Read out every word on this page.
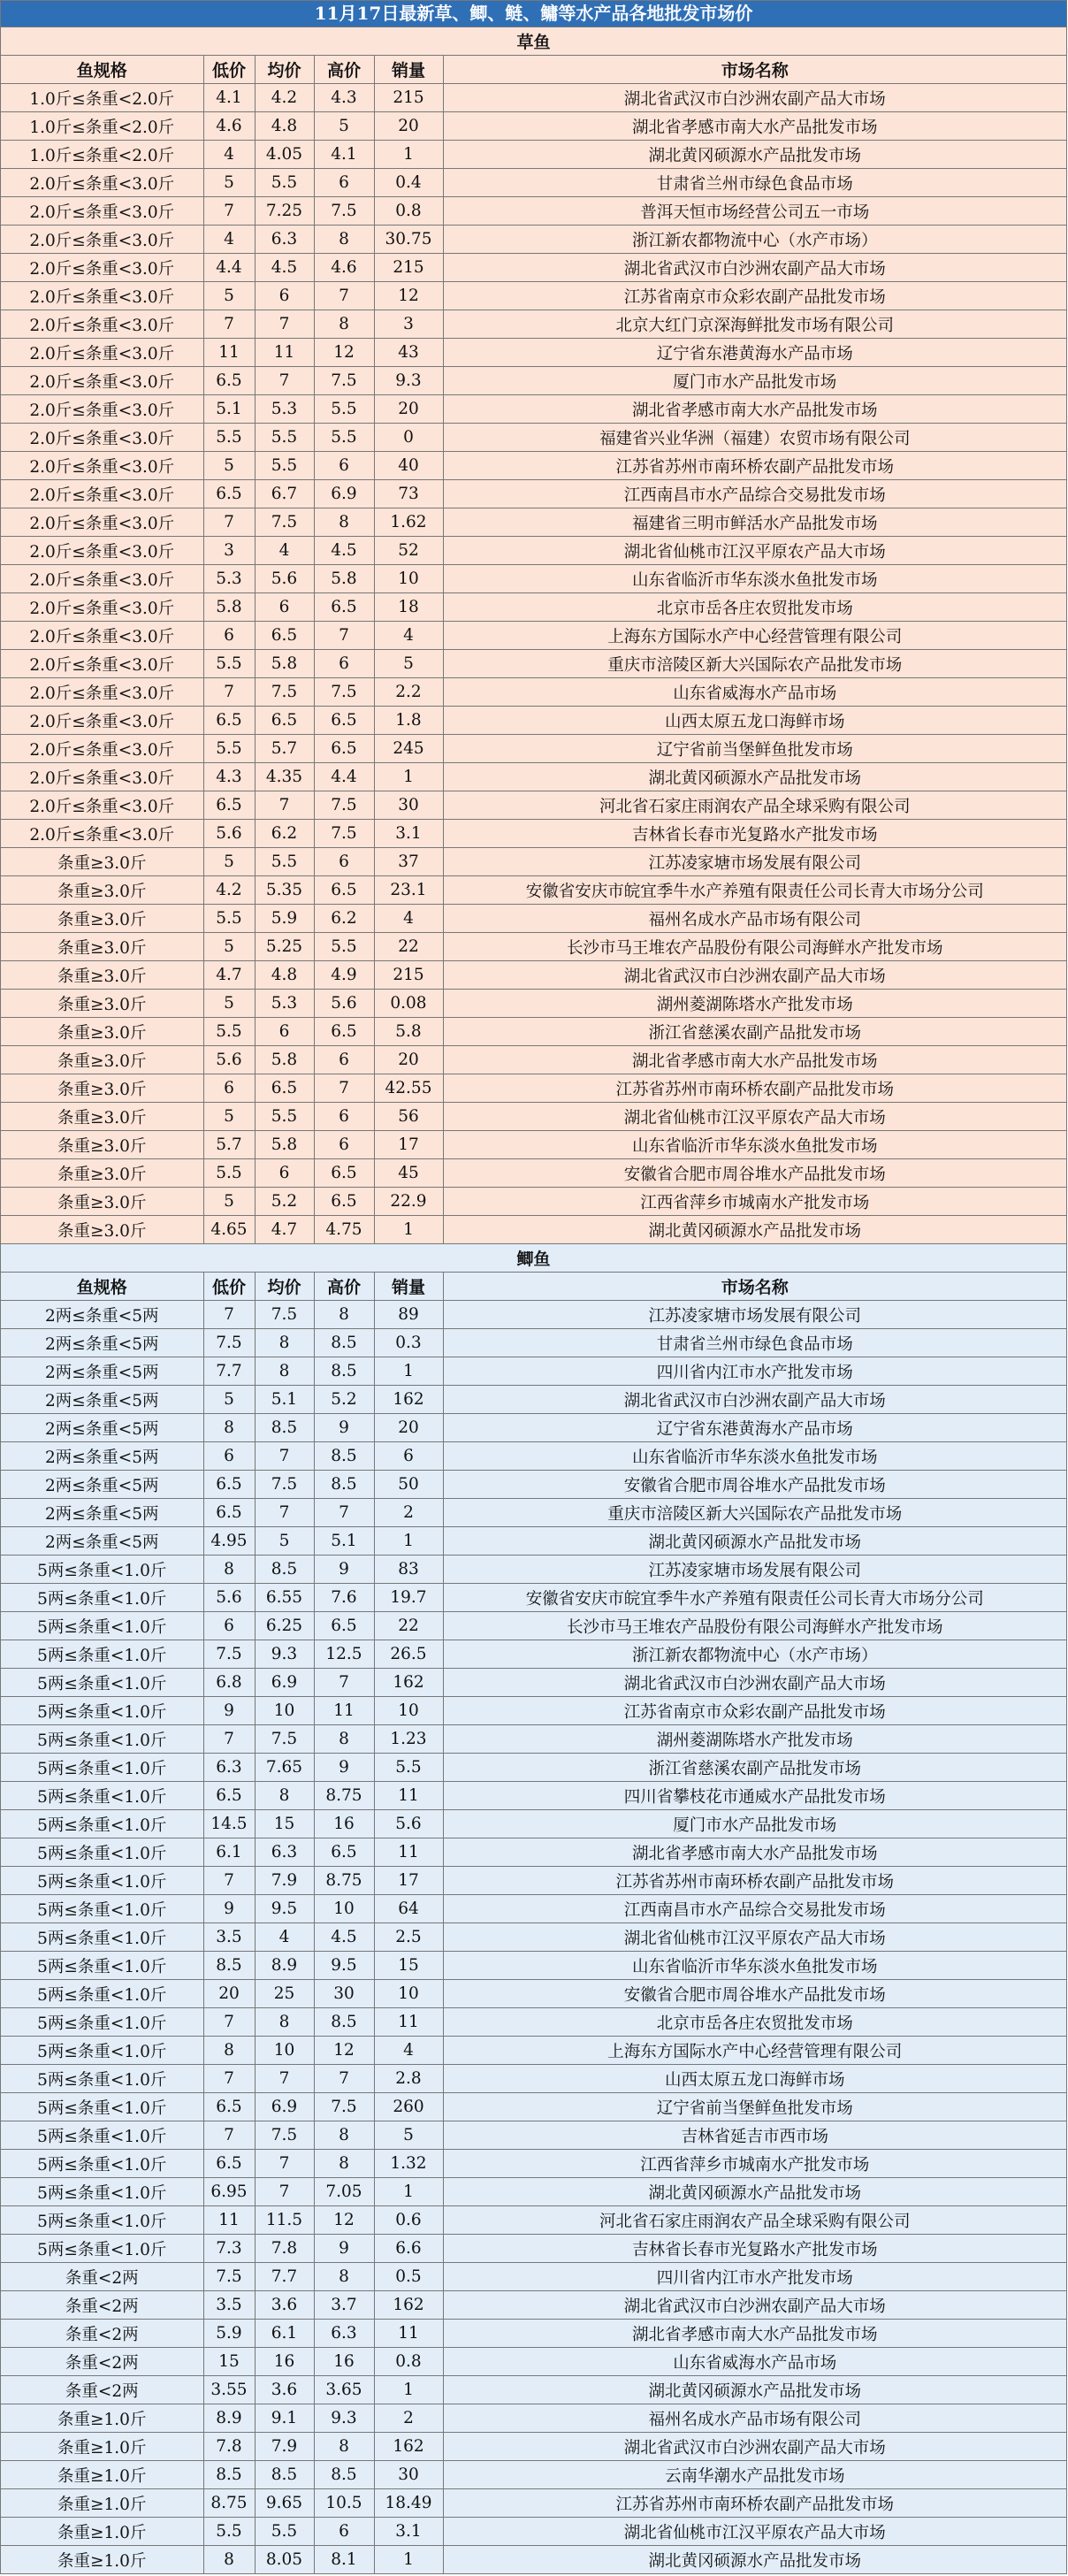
11月17日最新草、鲫、鲢、鳙等水产品各地批发市场价
草鱼					
鱼规格	低价	均价	高价	销量	市场名称
1.0斤≤条重<2.0斤	4.1	4.2	4.3	215	湖北省武汉市白沙洲农副产品大市场
1.0斤≤条重<2.0斤	4.6	4.8	5	20	湖北省孝感市南大水产品批发市场
1.0斤≤条重<2.0斤	4	4.05	4.1	1	湖北黄冈硕源水产品批发市场
2.0斤≤条重<3.0斤	5	5.5	6	0.4	甘肃省兰州市绿色食品市场
2.0斤≤条重<3.0斤	7	7.25	7.5	0.8	普洱天恒市场经营公司五一市场
2.0斤≤条重<3.0斤	4	6.3	8	30.75	浙江新农都物流中心（水产市场）
2.0斤≤条重<3.0斤	4.4	4.5	4.6	215	湖北省武汉市白沙洲农副产品大市场
2.0斤≤条重<3.0斤	5	6	7	12	江苏省南京市众彩农副产品批发市场
2.0斤≤条重<3.0斤	7	7	8	3	北京大红门京深海鲜批发市场有限公司
2.0斤≤条重<3.0斤	11	11	12	43	辽宁省东港黄海水产品市场
2.0斤≤条重<3.0斤	6.5	7	7.5	9.3	厦门市水产品批发市场
2.0斤≤条重<3.0斤	5.1	5.3	5.5	20	湖北省孝感市南大水产品批发市场
2.0斤≤条重<3.0斤	5.5	5.5	5.5	0	福建省兴业华洲（福建）农贸市场有限公司
2.0斤≤条重<3.0斤	5	5.5	6	40	江苏省苏州市南环桥农副产品批发市场
2.0斤≤条重<3.0斤	6.5	6.7	6.9	73	江西南昌市水产品综合交易批发市场
2.0斤≤条重<3.0斤	7	7.5	8	1.62	福建省三明市鲜活水产品批发市场
2.0斤≤条重<3.0斤	3	4	4.5	52	湖北省仙桃市江汉平原农产品大市场
2.0斤≤条重<3.0斤	5.3	5.6	5.8	10	山东省临沂市华东淡水鱼批发市场
2.0斤≤条重<3.0斤	5.8	6	6.5	18	北京市岳各庄农贸批发市场
2.0斤≤条重<3.0斤	6	6.5	7	4	上海东方国际水产中心经营管理有限公司
2.0斤≤条重<3.0斤	5.5	5.8	6	5	重庆市涪陵区新大兴国际农产品批发市场
2.0斤≤条重<3.0斤	7	7.5	7.5	2.2	山东省威海水产品市场
2.0斤≤条重<3.0斤	6.5	6.5	6.5	1.8	山西太原五龙口海鲜市场
2.0斤≤条重<3.0斤	5.5	5.7	6.5	245	辽宁省前当堡鲜鱼批发市场
2.0斤≤条重<3.0斤	4.3	4.35	4.4	1	湖北黄冈硕源水产品批发市场
2.0斤≤条重<3.0斤	6.5	7	7.5	30	河北省石家庄雨润农产品全球采购有限公司
2.0斤≤条重<3.0斤	5.6	6.2	7.5	3.1	吉林省长春市光复路水产批发市场
条重≥3.0斤	5	5.5	6	37	江苏凌家塘市场发展有限公司
条重≥3.0斤	4.2	5.35	6.5	23.1	安徽省安庆市皖宜季牛水产养殖有限责任公司长青大市场分公司
条重≥3.0斤	5.5	5.9	6.2	4	福州名成水产品市场有限公司
条重≥3.0斤	5	5.25	5.5	22	长沙市马王堆农产品股份有限公司海鲜水产批发市场
条重≥3.0斤	4.7	4.8	4.9	215	湖北省武汉市白沙洲农副产品大市场
条重≥3.0斤	5	5.3	5.6	0.08	湖州菱湖陈塔水产批发市场
条重≥3.0斤	5.5	6	6.5	5.8	浙江省慈溪农副产品批发市场
条重≥3.0斤	5.6	5.8	6	20	湖北省孝感市南大水产品批发市场
条重≥3.0斤	6	6.5	7	42.55	江苏省苏州市南环桥农副产品批发市场
条重≥3.0斤	5	5.5	6	56	湖北省仙桃市江汉平原农产品大市场
条重≥3.0斤	5.7	5.8	6	17	山东省临沂市华东淡水鱼批发市场
条重≥3.0斤	5.5	6	6.5	45	安徽省合肥市周谷堆水产品批发市场
条重≥3.0斤	5	5.2	6.5	22.9	江西省萍乡市城南水产批发市场
条重≥3.0斤	4.65	4.7	4.75	1	湖北黄冈硕源水产品批发市场
鲫鱼					
鱼规格	低价	均价	高价	销量	市场名称
2两≤条重<5两	7	7.5	8	89	江苏凌家塘市场发展有限公司
2两≤条重<5两	7.5	8	8.5	0.3	甘肃省兰州市绿色食品市场
2两≤条重<5两	7.7	8	8.5	1	四川省内江市水产批发市场
2两≤条重<5两	5	5.1	5.2	162	湖北省武汉市白沙洲农副产品大市场
2两≤条重<5两	8	8.5	9	20	辽宁省东港黄海水产品市场
2两≤条重<5两	6	7	8.5	6	山东省临沂市华东淡水鱼批发市场
2两≤条重<5两	6.5	7.5	8.5	50	安徽省合肥市周谷堆水产品批发市场
2两≤条重<5两	6.5	7	7	2	重庆市涪陵区新大兴国际农产品批发市场
2两≤条重<5两	4.95	5	5.1	1	湖北黄冈硕源水产品批发市场
5两≤条重<1.0斤	8	8.5	9	83	江苏凌家塘市场发展有限公司
5两≤条重<1.0斤	5.6	6.55	7.6	19.7	安徽省安庆市皖宜季牛水产养殖有限责任公司长青大市场分公司
5两≤条重<1.0斤	6	6.25	6.5	22	长沙市马王堆农产品股份有限公司海鲜水产批发市场
5两≤条重<1.0斤	7.5	9.3	12.5	26.5	浙江新农都物流中心（水产市场）
5两≤条重<1.0斤	6.8	6.9	7	162	湖北省武汉市白沙洲农副产品大市场
5两≤条重<1.0斤	9	10	11	10	江苏省南京市众彩农副产品批发市场
5两≤条重<1.0斤	7	7.5	8	1.23	湖州菱湖陈塔水产批发市场
5两≤条重<1.0斤	6.3	7.65	9	5.5	浙江省慈溪农副产品批发市场
5两≤条重<1.0斤	6.5	8	8.75	11	四川省攀枝花市通威水产品批发市场
5两≤条重<1.0斤	14.5	15	16	5.6	厦门市水产品批发市场
5两≤条重<1.0斤	6.1	6.3	6.5	11	湖北省孝感市南大水产品批发市场
5两≤条重<1.0斤	7	7.9	8.75	17	江苏省苏州市南环桥农副产品批发市场
5两≤条重<1.0斤	9	9.5	10	64	江西南昌市水产品综合交易批发市场
5两≤条重<1.0斤	3.5	4	4.5	2.5	湖北省仙桃市江汉平原农产品大市场
5两≤条重<1.0斤	8.5	8.9	9.5	15	山东省临沂市华东淡水鱼批发市场
5两≤条重<1.0斤	20	25	30	10	安徽省合肥市周谷堆水产品批发市场
5两≤条重<1.0斤	7	8	8.5	11	北京市岳各庄农贸批发市场
5两≤条重<1.0斤	8	10	12	4	上海东方国际水产中心经营管理有限公司
5两≤条重<1.0斤	7	7	7	2.8	山西太原五龙口海鲜市场
5两≤条重<1.0斤	6.5	6.9	7.5	260	辽宁省前当堡鲜鱼批发市场
5两≤条重<1.0斤	7	7.5	8	5	吉林省延吉市西市场
5两≤条重<1.0斤	6.5	7	8	1.32	江西省萍乡市城南水产批发市场
5两≤条重<1.0斤	6.95	7	7.05	1	湖北黄冈硕源水产品批发市场
5两≤条重<1.0斤	11	11.5	12	0.6	河北省石家庄雨润农产品全球采购有限公司
5两≤条重<1.0斤	7.3	7.8	9	6.6	吉林省长春市光复路水产批发市场
条重<2两	7.5	7.7	8	0.5	四川省内江市水产批发市场
条重<2两	3.5	3.6	3.7	162	湖北省武汉市白沙洲农副产品大市场
条重<2两	5.9	6.1	6.3	11	湖北省孝感市南大水产品批发市场
条重<2两	15	16	16	0.8	山东省威海水产品市场
条重<2两	3.55	3.6	3.65	1	湖北黄冈硕源水产品批发市场
条重≥1.0斤	8.9	9.1	9.3	2	福州名成水产品市场有限公司
条重≥1.0斤	7.8	7.9	8	162	湖北省武汉市白沙洲农副产品大市场
条重≥1.0斤	8.5	8.5	8.5	30	云南华潮水产品批发市场
条重≥1.0斤	8.75	9.65	10.5	18.49	江苏省苏州市南环桥农副产品批发市场
条重≥1.0斤	5.5	5.5	6	3.1	湖北省仙桃市江汉平原农产品大市场
条重≥1.0斤	8	8.05	8.1	1	湖北黄冈硕源水产品批发市场
